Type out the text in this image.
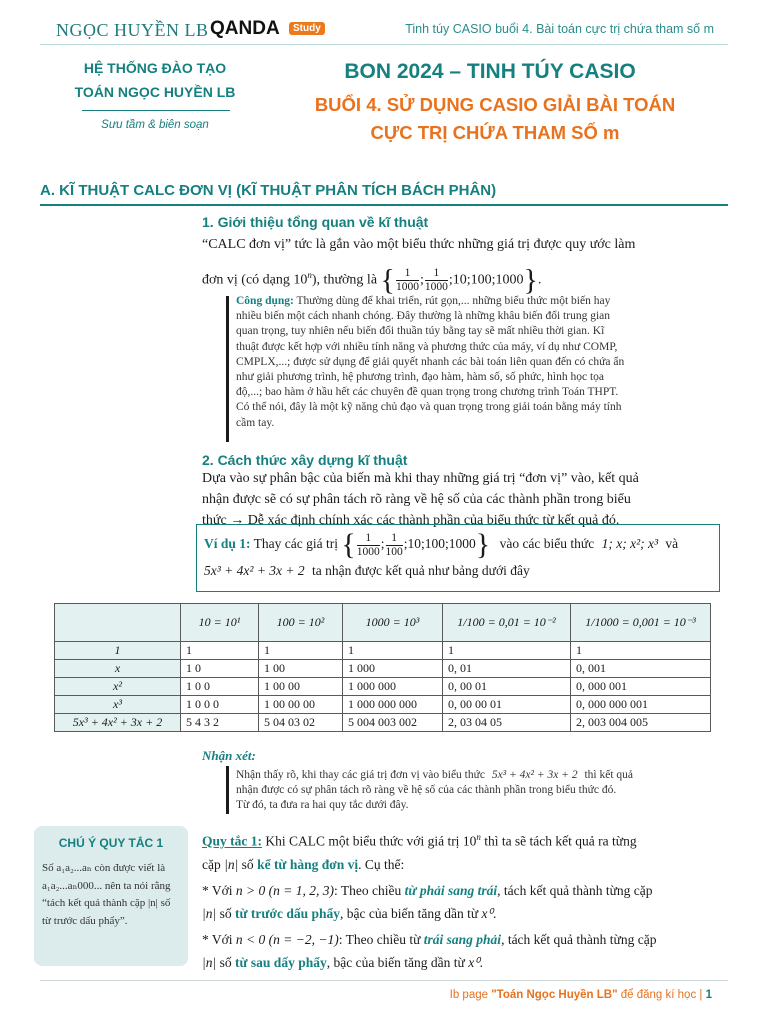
NGỌC HUYỀN LB QANDA	Study	Tinh túy CASIO buổi 4. Bài toán cực trị chứa tham số m
HỆ THỐNG ĐÀO TẠO
TOÁN NGỌC HUYỀN LB
Sưu tầm & biên soạn
BON 2024 – TINH TÚY CASIO
BUỔI 4. SỬ DỤNG CASIO GIẢI BÀI TOÁN
CỰC TRỊ CHỨA THAM SỐ m
A. KĨ THUẬT CALC ĐƠN VỊ (KĨ THUẬT PHÂN TÍCH BÁCH PHÂN)
1. Giới thiệu tổng quan về kĩ thuật
“CALC đơn vị” tức là gắn vào một biểu thức những giá trị được quy ước làm
đơn vị (có dạng 10$^n$), thường là { $\frac{1}{1000}$ ; $\frac{1}{1000}$ ;10;100;1000}.
Công dụng: Thường dùng để khai triển, rút gọn,... những biểu thức một biến hay
nhiều biến một cách nhanh chóng. Đây thường là những khâu biến đổi trung gian
quan trọng, tuy nhiên nếu biến đổi thuần túy bằng tay sẽ mất nhiều thời gian. Kĩ
thuật được kết hợp với nhiều tính năng và phương thức của máy, ví dụ như COMP,
CMPLX,...; được sử dụng để giải quyết nhanh các bài toán liên quan đến có chứa ẩn
như giải phương trình, hệ phương trình, đạo hàm, hàm số, số phức, hình học tọa
độ,...; bao hàm ở hầu hết các chuyên đề quan trọng trong chương trình Toán THPT.
Có thể nói, đây là một kỹ năng chủ đạo và quan trọng trong giải toán bằng máy tính
cầm tay.
2. Cách thức xây dựng kĩ thuật
Dựa vào sự phân bậc của biến mà khi thay những giá trị “đơn vị” vào, kết quả
nhận được sẽ có sự phân tách rõ ràng về hệ số của các thành phần trong biểu
thức → Dễ xác định chính xác các thành phần của biểu thức từ kết quả đó.
Ví dụ 1: Thay các giá trị { $\frac{1}{1000}$ ; $\frac{1}{100}$ ;10;100;1000} vào các biểu thức 1; x; x²; x³ và
5x³ + 4x² + 3x + 2 ta nhận được kết quả như bảng dưới đây
	10 = 10¹	100 = 10²	1000 = 10³	1/100 = 0,01 = 10⁻²	1/1000 = 0,001 = 10⁻³
1	1	1	1	1	1
x	1 0	1 00	1 000	0, 01	0, 001
x²	1 0 0	1 00 00	1 000 000	0, 00 01	0, 000 001
x³	1 0 0 0	1 00 00 00	1 000 000 000	0, 00 00 01	0, 000 000 001
5x³ + 4x² + 3x + 2	5 4 3 2	5 04 03 02	5 004 003 002	2, 03 04 05	2, 003 004 005
Nhận xét:
Nhận thấy rõ, khi thay các giá trị đơn vị vào biểu thức 5x³ + 4x² + 3x + 2 thì kết quả
nhận được có sự phân tách rõ ràng về hệ số của các thành phần trong biểu thức đó.
Từ đó, ta đưa ra hai quy tắc dưới đây.
CHÚ Ý QUY TẮC 1
Số a₁a₂...aₙ còn được viết là a₁a₂...aₙ000... nên ta nói rằng “tách kết quả thành cặp |n| số từ trước dấu phẩy”.
Quy tắc 1: Khi CALC một biểu thức với giá trị 10$^n$ thì ta sẽ tách kết quả ra từng
cặp |n| số kể từ hàng đơn vị. Cụ thể:
* Với n > 0 (n = 1, 2, 3): Theo chiều từ phải sang trái, tách kết quả thành từng cặp
|n| số từ trước dấu phẩy, bậc của biến tăng dần từ x⁰.
* Với n < 0 (n = −2, −1): Theo chiều từ trái sang phải, tách kết quả thành từng cặp
|n| số từ sau dấy phẩy, bậc của biến tăng dần từ x⁰.
Ib page "Toán Ngọc Huyền LB" để đăng kí học | 1
